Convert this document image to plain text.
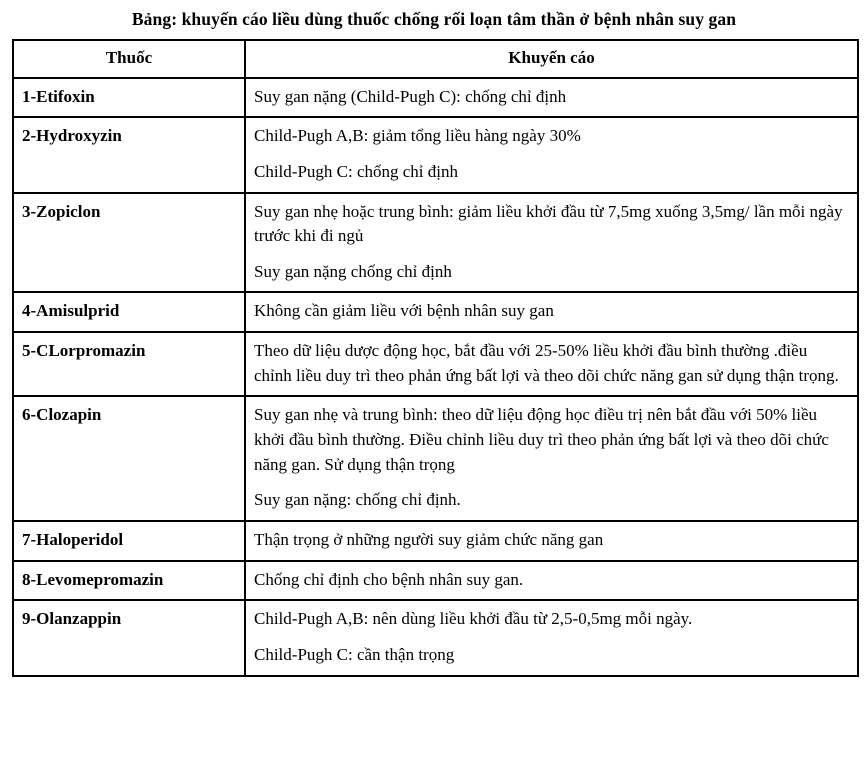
Bảng: khuyến cáo liều dùng thuốc chống rối loạn tâm thần ở bệnh nhân suy gan
Thuốc	Khuyến cáo
1-Etifoxin	Suy gan nặng (Child-Pugh C): chống chỉ định

2-Hydroxyzin	Child-Pugh A,B: giảm tổng liều hàng ngày 30%

Child-Pugh C: chống chỉ định

3-Zopiclon	Suy gan nhẹ hoặc trung bình: giảm liều khởi đầu từ 7,5mg xuống 3,5mg/ lần mỗi ngày trước khi đi ngủ

Suy gan nặng chống chỉ định

4-Amisulprid	Không cần giảm liều với bệnh nhân suy gan

5-CLorpromazin	Theo dữ liệu dược động học, bắt đầu với 25-50% liều khởi đầu bình thường .điều chỉnh liều duy trì theo phản ứng bất lợi và theo dõi chức năng gan sử dụng thận trọng.

6-Clozapin	Suy gan nhẹ và trung bình: theo dữ liệu động học điều trị nên bắt đầu với 50% liều khởi đầu bình thường. Điều chỉnh liều duy trì theo phản ứng bất lợi và theo dõi chức năng gan. Sử dụng thận trọng

Suy gan nặng: chống chỉ định.

7-Haloperidol	Thận trọng ở những người suy giảm chức năng gan

8-Levomepromazin	Chống chỉ định cho bệnh nhân suy gan.

9-Olanzappin	Child-Pugh A,B: nên dùng liều khởi đầu từ 2,5-0,5mg mỗi ngày.

Child-Pugh C: cần thận trọng
